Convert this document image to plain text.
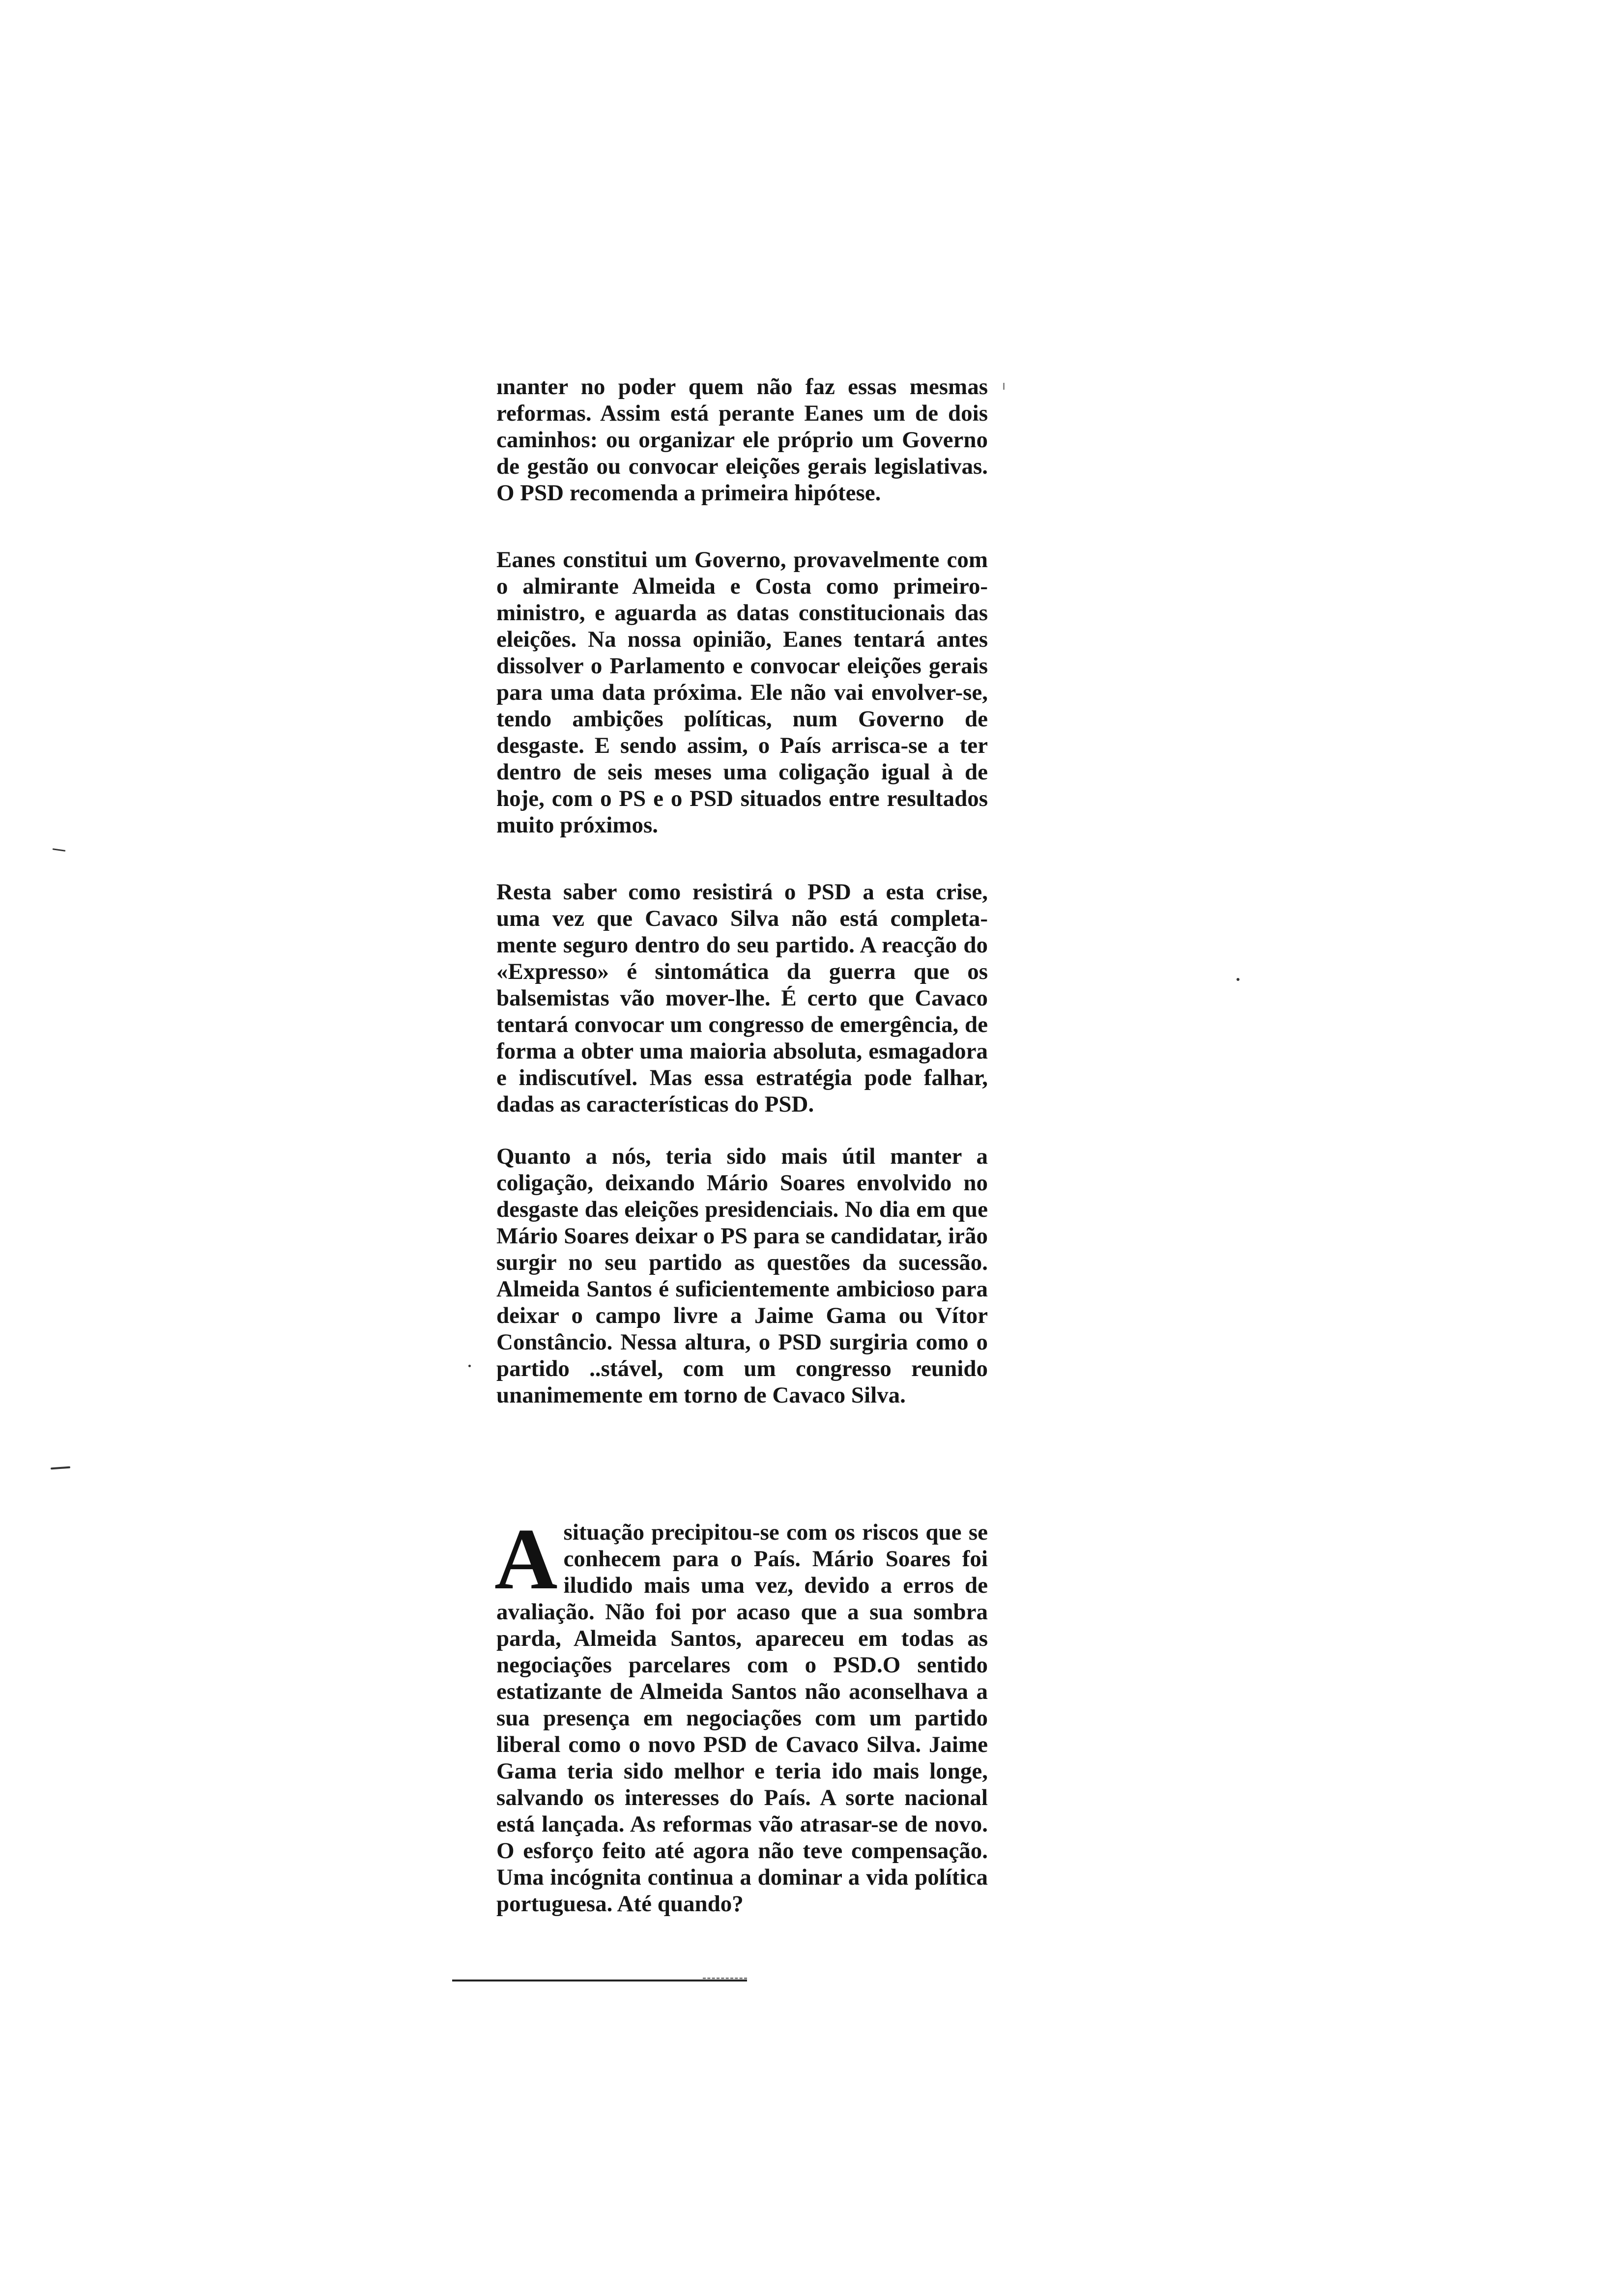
ınanter no poder quem não faz essas mesmas reformas. Assim está perante Eanes um de dois caminhos: ou organizar ele próprio um Governo de gestão ou convocar eleições gerais legislativas. O PSD recomenda a primeira hipótese.

Eanes constitui um Governo, provavelmente com o almirante Almeida e Costa como primeiro-ministro, e aguarda as datas constitucionais das eleições. Na nossa opinião, Eanes tentará antes dissolver o Parlamento e convocar eleições gerais para uma data próxima. Ele não vai envolver-se, tendo ambições políticas, num Governo de desgaste. E sendo assim, o País arrisca-se a ter dentro de seis meses uma coligação igual à de hoje, com o PS e o PSD situados entre resultados muito próximos.

Resta saber como resistirá o PSD a esta crise, uma vez que Cavaco Silva não está completamente seguro dentro do seu partido. A reacção do «Expresso» é sintomática da guerra que os balsemistas vão mover-lhe. É certo que Cavaco tentará convocar um congresso de emergência, de forma a obter uma maioria absoluta, esmagadora e indiscutível. Mas essa estratégia pode falhar, dadas as características do PSD.

Quanto a nós, teria sido mais útil manter a coligação, deixando Mário Soares envolvido no desgaste das eleições presidenciais. No dia em que Mário Soares deixar o PS para se candidatar, irão surgir no seu partido as questões da sucessão. Almeida Santos é suficientemente ambicioso para deixar o campo livre a Jaime Gama ou Vítor Constâncio. Nessa altura, o PSD surgiria como o partido ..stável, com um congresso reunido unanimemente em torno de Cavaco Silva.

A situação precipitou-se com os riscos que se conhecem para o País. Mário Soares foi iludido mais uma vez, devido a erros de avaliação. Não foi por acaso que a sua sombra parda, Almeida Santos, apareceu em todas as negociações parcelares com o PSD.O sentido estatizante de Almeida Santos não aconselhava a sua presença em negociações com um partido liberal como o novo PSD de Cavaco Silva. Jaime Gama teria sido melhor e teria ido mais longe, salvando os interesses do País. A sorte nacional está lançada. As reformas vão atrasar-se de novo. O esforço feito até agora não teve compensação. Uma incógnita continua a dominar a vida política portuguesa. Até quando?
